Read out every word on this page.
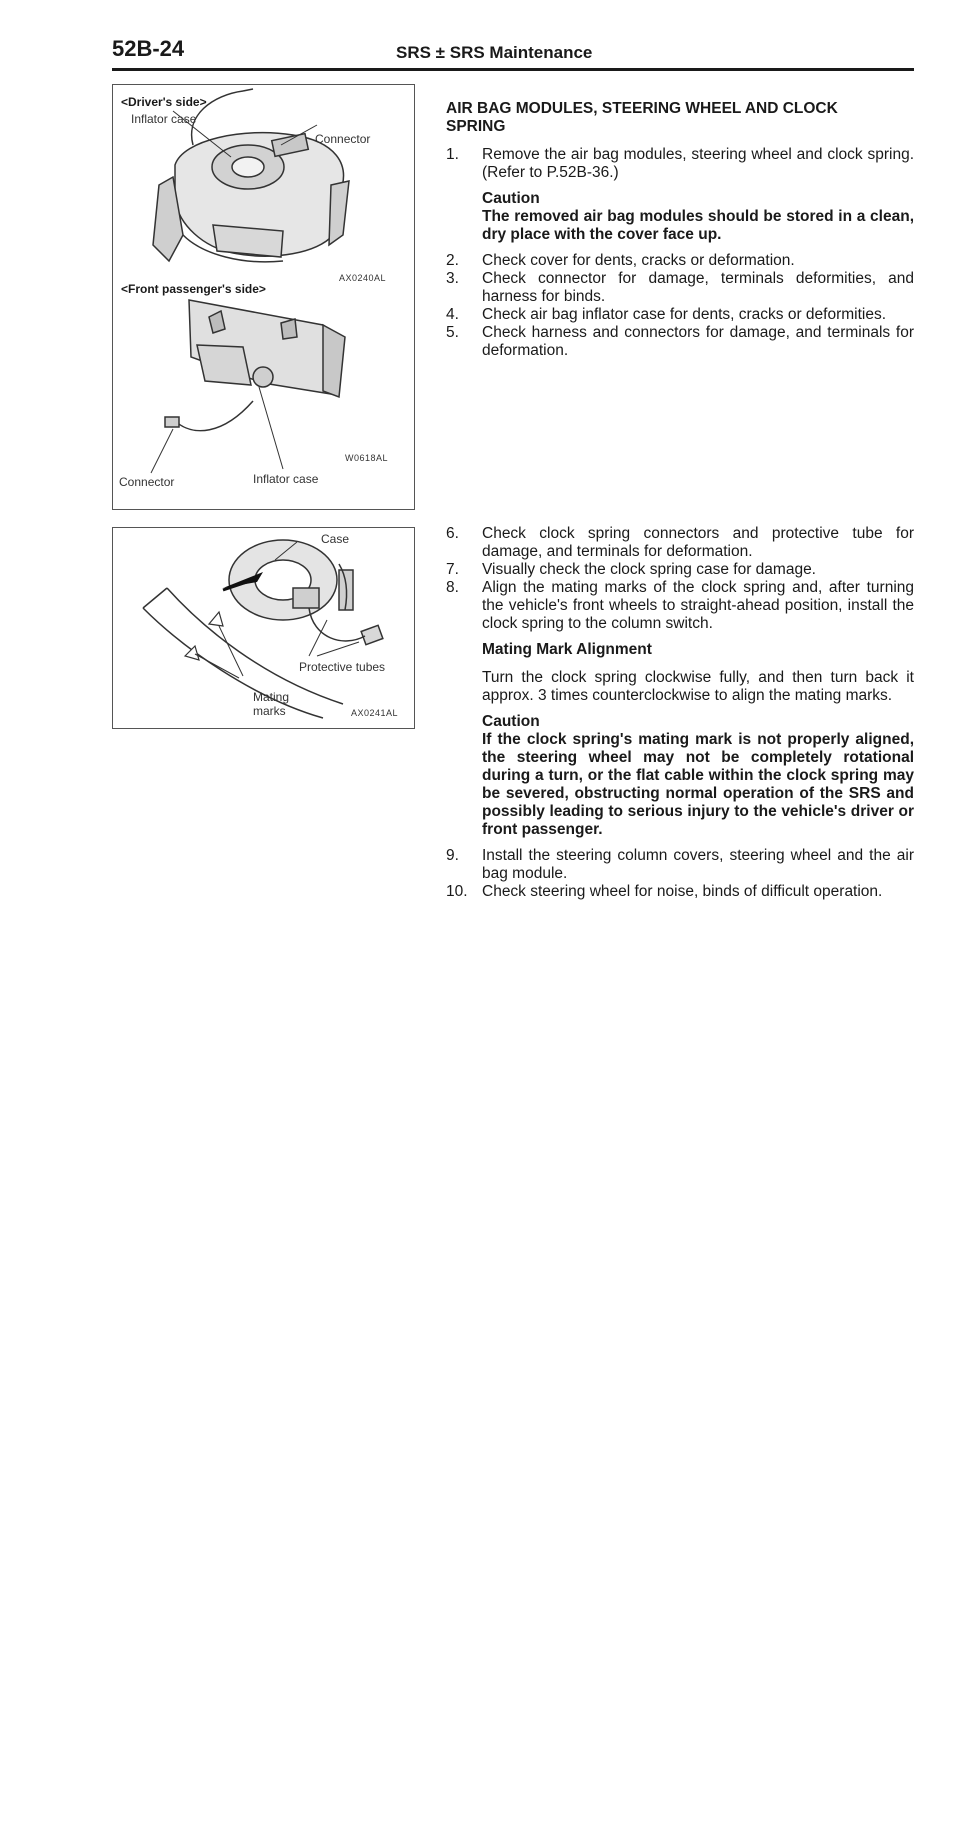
52B-24	SRS ± SRS Maintenance
<Driver's side>
Inflator case
Connector
AX0240AL
<Front passenger's side>
W0618AL
Connector	Inflator case
Case
Protective tubes
Mating
marks	AX0241AL
AIR BAG MODULES, STEERING WHEEL AND CLOCK
SPRING
1. Remove the air bag modules, steering wheel and clock spring. (Refer to P.52B-36.)
Caution
The removed air bag modules should be stored in a clean, dry place with the cover face up.
2. Check cover for dents, cracks or deformation.
3. Check connector for damage, terminals deformities, and harness for binds.
4. Check air bag inflator case for dents, cracks or deformities.
5. Check harness and connectors for damage, and terminals for deformation.
6. Check clock spring connectors and protective tube for damage, and terminals for deformation.
7. Visually check the clock spring case for damage.
8. Align the mating marks of the clock spring and, after turning the vehicle's front wheels to straight-ahead position, install the clock spring to the column switch.
Mating Mark Alignment
Turn the clock spring clockwise fully, and then turn back it approx. 3 times counterclockwise to align the mating marks.
Caution
If the clock spring's mating mark is not properly aligned, the steering wheel may not be completely rotational during a turn, or the flat cable within the clock spring may be severed, obstructing normal operation of the SRS and possibly leading to serious injury to the vehicle's driver or front passenger.
9. Install the steering column covers, steering wheel and the air bag module.
10. Check steering wheel for noise, binds of difficult operation.
